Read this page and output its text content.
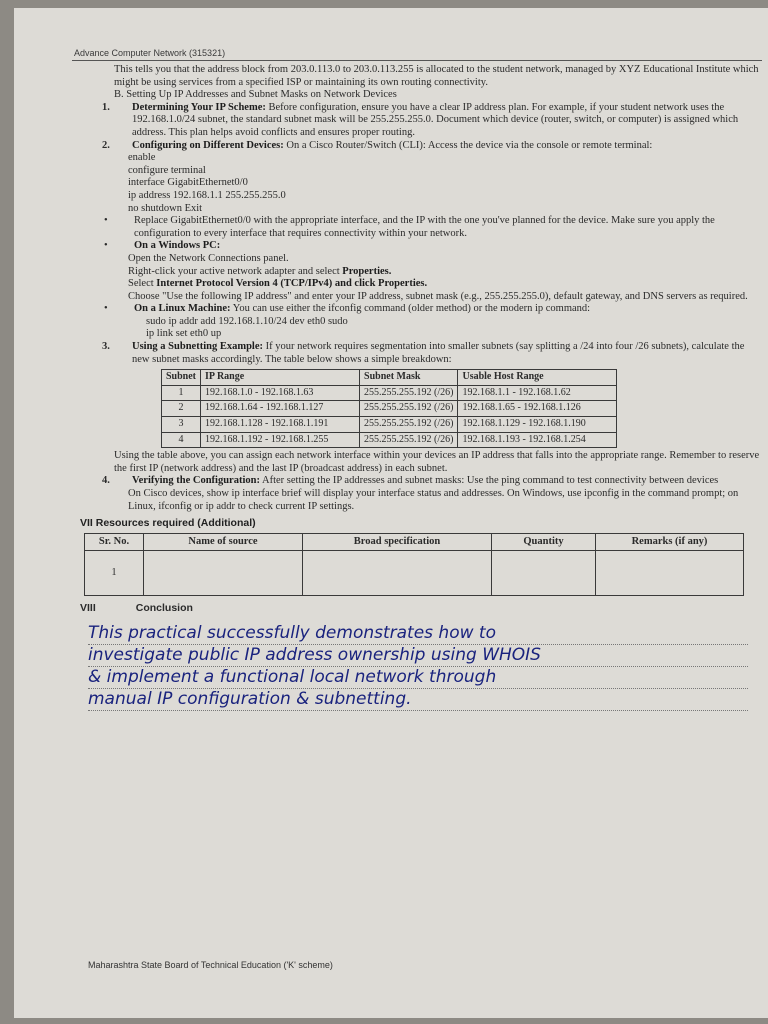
Advance Computer Network (315321)

This tells you that the address block from 203.0.113.0 to 203.0.113.255 is allocated to the student network, managed by XYZ Educational Institute which might be using services from a specified ISP or maintaining its own routing connectivity.

B. Setting Up IP Addresses and Subnet Masks on Network Devices

1.	Determining Your IP Scheme: Before configuration, ensure you have a clear IP address plan. For example, if your student network uses the 192.168.1.0/24 subnet, the standard subnet mask will be 255.255.255.0. Document which device (router, switch, or computer) is assigned which address. This plan helps avoid conflicts and ensures proper routing.
2.	Configuring on Different Devices: On a Cisco Router/Switch (CLI): Access the device via the console or remote terminal:

enable

configure terminal

interface GigabitEthernet0/0

ip address 192.168.1.1 255.255.255.0

no shutdown Exit

•	Replace GigabitEthernet0/0 with the appropriate interface, and the IP with the one you've planned for the device. Make sure you apply the configuration to every interface that requires connectivity within your network.
•	On a Windows PC:

Open the Network Connections panel.

Right-click your active network adapter and select Properties.

Select Internet Protocol Version 4 (TCP/IPv4) and click Properties.

Choose "Use the following IP address" and enter your IP address, subnet mask (e.g., 255.255.255.0), default gateway, and DNS servers as required.

•	On a Linux Machine: You can use either the ifconfig command (older method) or the modern ip command:

sudo ip addr add 192.168.1.10/24 dev eth0 sudo

ip link set eth0 up

3.	Using a Subnetting Example: If your network requires segmentation into smaller subnets (say splitting a /24 into four /26 subnets), calculate the new subnet masks accordingly. The table below shows a simple breakdown:
Subnet	IP Range	Subnet Mask	Usable Host Range
1	192.168.1.0 - 192.168.1.63	255.255.255.192 (/26)	192.168.1.1 - 192.168.1.62
2	192.168.1.64 - 192.168.1.127	255.255.255.192 (/26)	192.168.1.65 - 192.168.1.126
3	192.168.1.128 - 192.168.1.191	255.255.255.192 (/26)	192.168.1.129 - 192.168.1.190
4	192.168.1.192 - 192.168.1.255	255.255.255.192 (/26)	192.168.1.193 - 192.168.1.254

Using the table above, you can assign each network interface within your devices an IP address that falls into the appropriate range. Remember to reserve the first IP (network address) and the last IP (broadcast address) in each subnet.

4.	Verifying the Configuration: After setting the IP addresses and subnet masks: Use the ping command to test connectivity between devices

On Cisco devices, show ip interface brief will display your interface status and addresses. On Windows, use ipconfig in the command prompt; on Linux, ifconfig or ip addr to check current IP settings.

VII Resources required (Additional)
Sr. No.	Name of source	Broad specification	Quantity	Remarks (if any)
1				
VIII	Conclusion
This practical successfully demonstrates how to
investigate public IP address ownership using WHOIS
& implement a functional local network through
manual IP configuration & subnetting.
Maharashtra State Board of Technical Education ('K' scheme)
